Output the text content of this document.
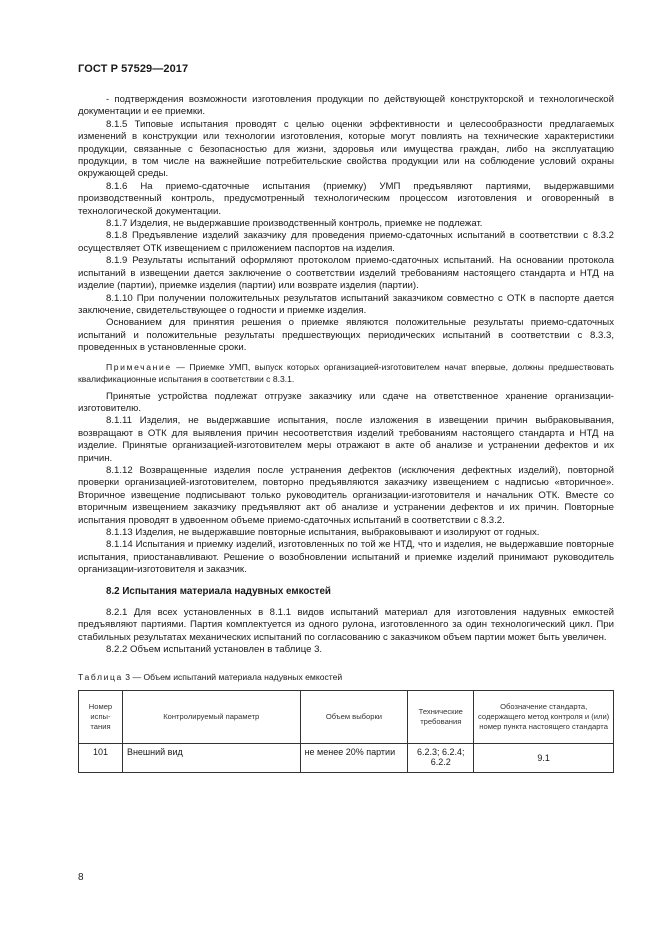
ГОСТ Р 57529—2017

- подтверждения возможности изготовления продукции по действующей конструкторской и технологической документации и ее приемки.

8.1.5 Типовые испытания проводят с целью оценки эффективности и целесообразности предлагаемых изменений в конструкции или технологии изготовления, которые могут повлиять на технические характеристики продукции, связанные с безопасностью для жизни, здоровья или имущества граждан, либо на эксплуатацию продукции, в том числе на важнейшие потребительские свойства продукции или на соблюдение условий охраны окружающей среды.

8.1.6 На приемо-сдаточные испытания (приемку) УМП предъявляют партиями, выдержавшими производственный контроль, предусмотренный технологическим процессом изготовления и оговоренный в технологической документации.

8.1.7 Изделия, не выдержавшие производственный контроль, приемке не подлежат.

8.1.8 Предъявление изделий заказчику для проведения приемо-сдаточных испытаний в соответствии с 8.3.2 осуществляет ОТК извещением с приложением паспортов на изделия.

8.1.9 Результаты испытаний оформляют протоколом приемо-сдаточных испытаний. На основании протокола испытаний в извещении дается заключение о соответствии изделий требованиям настоящего стандарта и НТД на изделие (партии), приемке изделия (партии) или возврате изделия (партии).

8.1.10 При получении положительных результатов испытаний заказчиком совместно с ОТК в паспорте дается заключение, свидетельствующее о годности и приемке изделия.

Основанием для принятия решения о приемке являются положительные результаты приемо-сдаточных испытаний и положительные результаты предшествующих периодических испытаний в соответствии с 8.3.3, проведенных в установленные сроки.

Примечание — Приемке УМП, выпуск которых организацией-изготовителем начат впервые, должны предшествовать квалификационные испытания в соответствии с 8.3.1.

Принятые устройства подлежат отгрузке заказчику или сдаче на ответственное хранение организации-изготовителю.

8.1.11 Изделия, не выдержавшие испытания, после изложения в извещении причин выбраковывания, возвращают в ОТК для выявления причин несоответствия изделий требованиям настоящего стандарта и НТД на изделие. Принятые организацией-изготовителем меры отражают в акте об анализе и устранении дефектов и их причин.

8.1.12 Возвращенные изделия после устранения дефектов (исключения дефектных изделий), повторной проверки организацией-изготовителем, повторно предъявляются заказчику извещением с надписью «вторичное». Вторичное извещение подписывают только руководитель организации-изготовителя и начальник ОТК. Вместе со вторичным извещением заказчику предъявляют акт об анализе и устранении дефектов и их причин. Повторные испытания проводят в удвоенном объеме приемо-сдаточных испытаний в соответствии с 8.3.2.

8.1.13 Изделия, не выдержавшие повторные испытания, выбраковывают и изолируют от годных.

8.1.14 Испытания и приемку изделий, изготовленных по той же НТД, что и изделия, не выдержавшие повторные испытания, приостанавливают. Решение о возобновлении испытаний и приемке изделий принимают руководитель организации-изготовителя и заказчик.

8.2 Испытания материала надувных емкостей

8.2.1 Для всех установленных в 8.1.1 видов испытаний материал для изготовления надувных емкостей предъявляют партиями. Партия комплектуется из одного рулона, изготовленного за один технологический цикл. При стабильных результатах механических испытаний по согласованию с заказчиком объем партии может быть увеличен.

8.2.2 Объем испытаний установлен в таблице 3.

Таблица 3 — Объем испытаний материала надувных емкостей

Номер испы-тания	Контролируемый параметр	Объем выборки	Технические требования	Обозначение стандарта, содержащего метод контроля и (или) номер пункта настоящего стандарта
101	Внешний вид	не менее 20% партии	6.2.3; 6.2.4; 6.2.2	9.1
8
